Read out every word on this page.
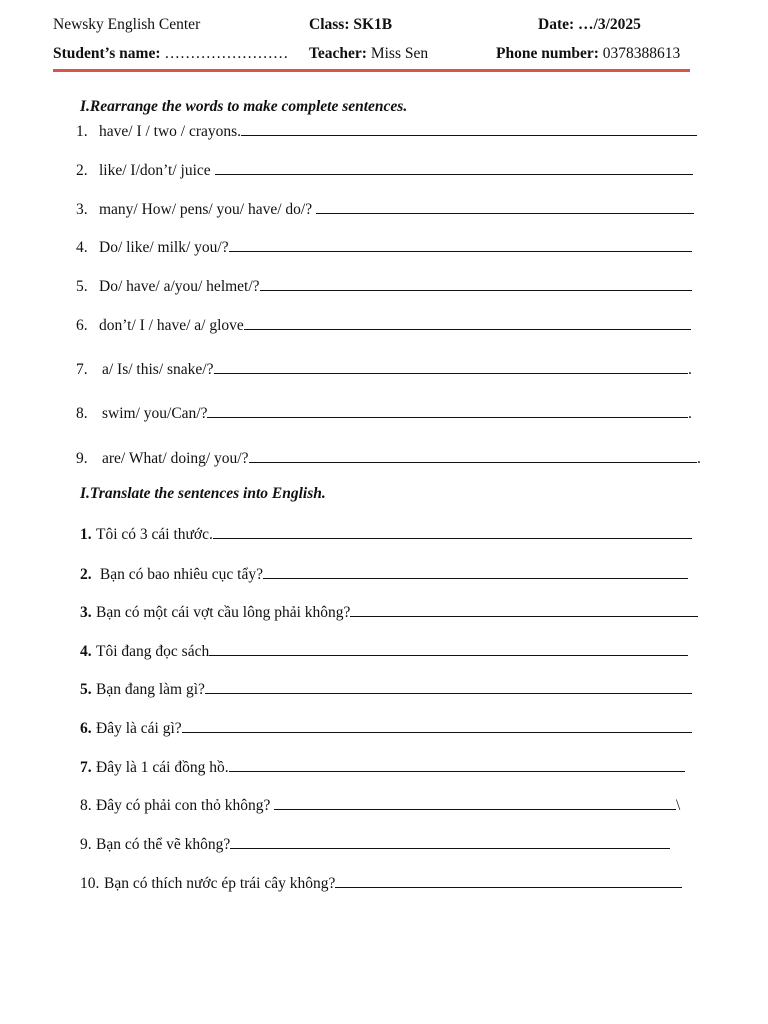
Newsky English Center	Class: SK1B	Date: …/3/2025
Student’s name: …………………… Teacher: Miss Sen	Phone number: 0378388613
I.Rearrange the words to make complete sentences.
1. have/ I / two / crayons.
2. like/ I/don’t/ juice
3. many/ How/ pens/ you/ have/ do/?
4. Do/ like/ milk/ you/?
5. Do/ have/ a/you/ helmet/?
6. don’t/ I / have/ a/ glove
7. a/ Is/ this/ snake/?	.
8. swim/ you/Can/?	.
9. are/ What/ doing/ you/?	.
I.Translate the sentences into English.
1. Tôi có 3 cái thước.
2. Bạn có bao nhiêu cục tẩy?
3. Bạn có một cái vợt cầu lông phải không?
4. Tôi đang đọc sách
5. Bạn đang làm gì?
6. Đây là cái gì?
7. Đây là 1 cái đồng hồ.
8. Đây có phải con thỏ không?	\
9. Bạn có thể vẽ không?
10. Bạn có thích nước ép trái cây không?
